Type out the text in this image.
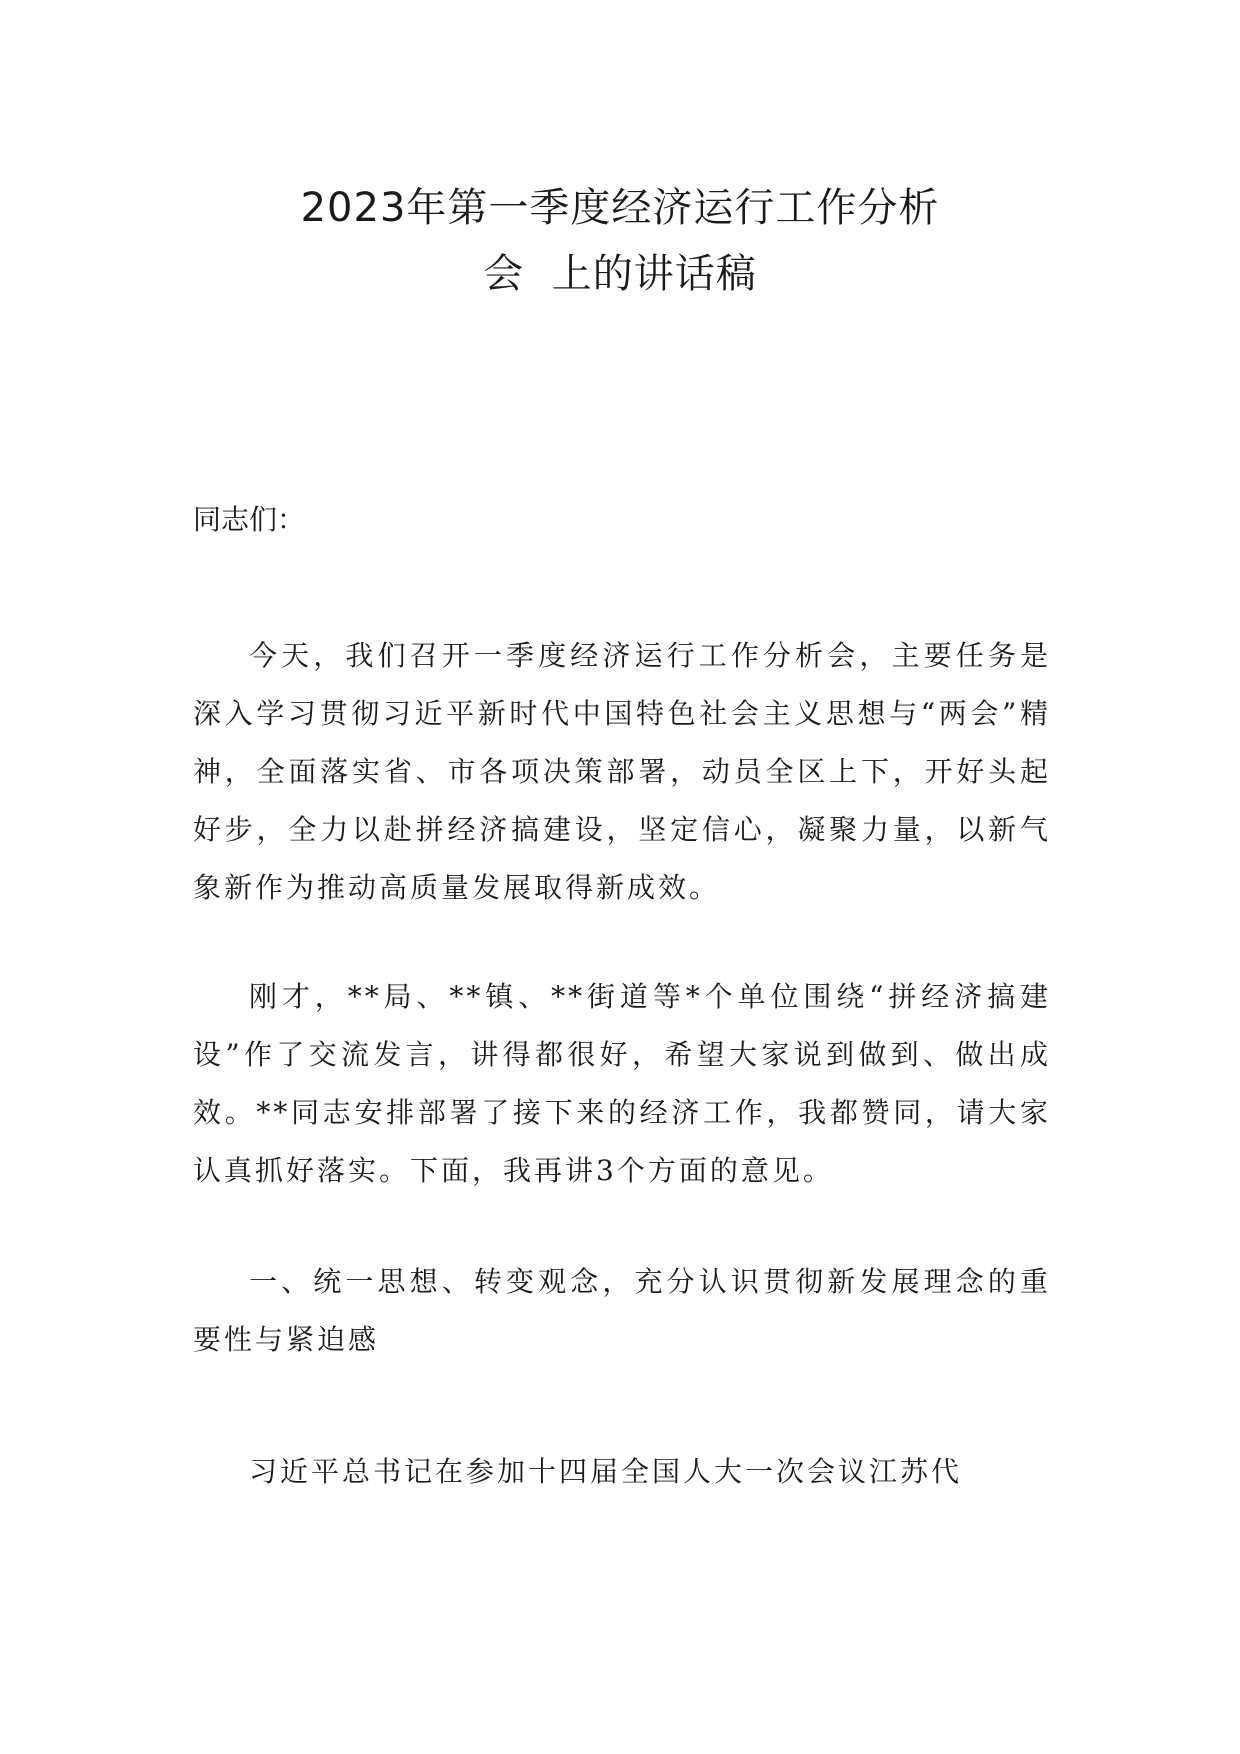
2023年第一季度经济运行工作分析
会  上的讲话稿

同志们：

今天，我们召开一季度经济运行工作分析会，主要任务是深入学习贯彻习近平新时代中国特色社会主义思想与“两会”精神，全面落实省、市各项决策部署，动员全区上下，开好头起好步，全力以赴拼经济搞建设，坚定信心，凝聚力量，以新气象新作为推动高质量发展取得新成效。

刚才，**局、**镇、**街道等*个单位围绕“拼经济搞建设”作了交流发言，讲得都很好，希望大家说到做到、做出成效。**同志安排部署了接下来的经济工作，我都赞同，请大家认真抓好落实。下面，我再讲3个方面的意见。

一、统一思想、转变观念，充分认识贯彻新发展理念的重要性与紧迫感

习近平总书记在参加十四届全国人大一次会议江苏代
